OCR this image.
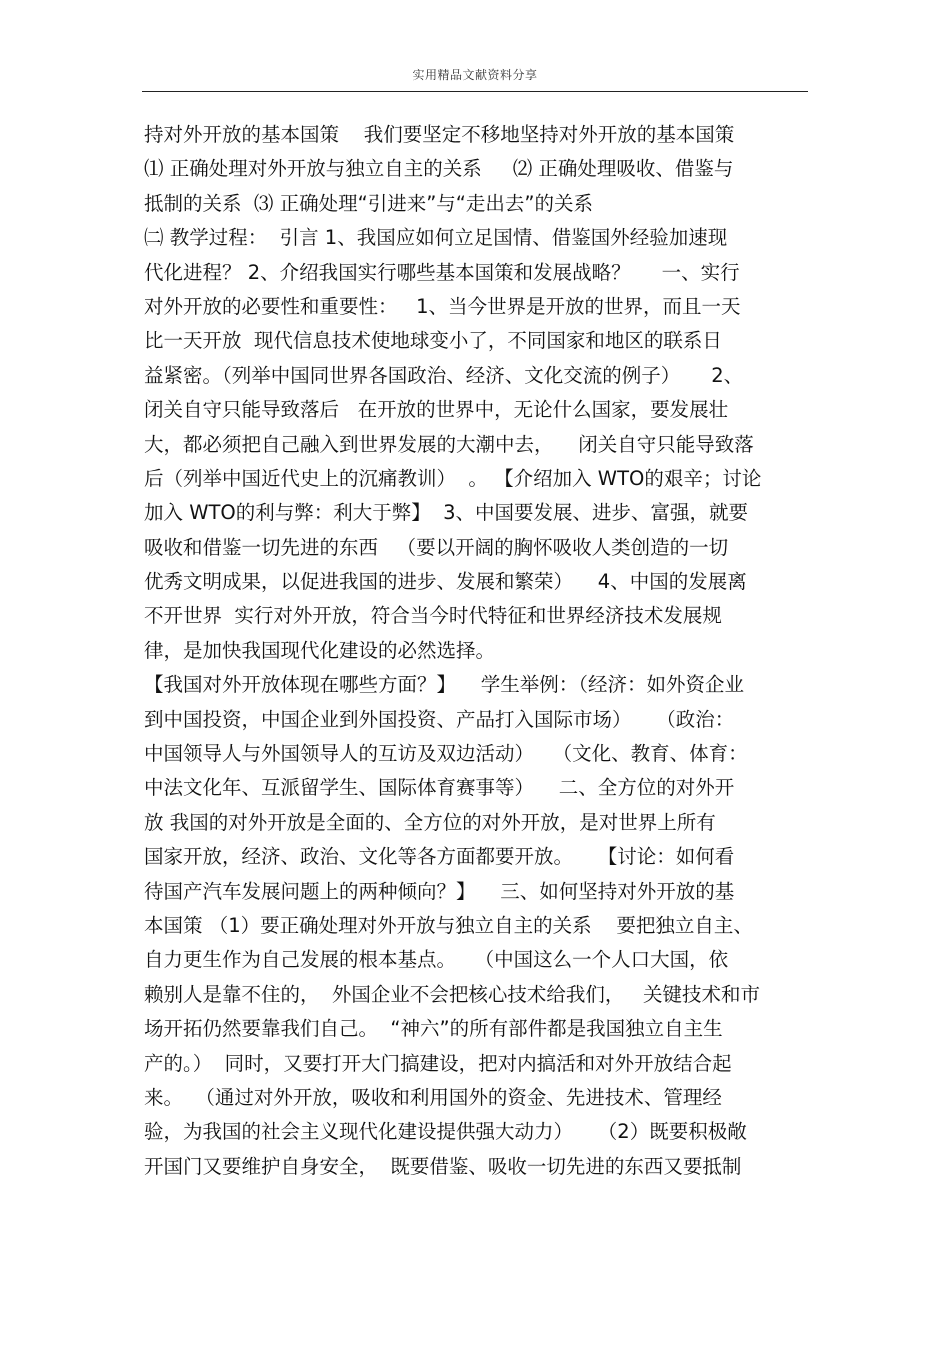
实用精品文献资料分享
持对外开放的基本国策    我们要坚定不移地坚持对外开放的基本国策
⑴ 正确处理对外开放与独立自主的关系     ⑵ 正确处理吸收、借鉴与
抵制的关系  ⑶ 正确处理“引进来”与“走出去”的关系
㈡ 教学过程：  引言 1、我国应如何立足国情、借鉴国外经验加速现
代化进程？ 2、介绍我国实行哪些基本国策和发展战略？     一、实行
对外开放的必要性和重要性：   1、当今世界是开放的世界，而且一天
比一天开放  现代信息技术使地球变小了，不同国家和地区的联系日
益紧密。（列举中国同世界各国政治、经济、文化交流的例子）     2、
闭关自守只能导致落后   在开放的世界中，无论什么国家，要发展壮
大，都必须把自己融入到世界发展的大潮中去，    闭关自守只能导致落
后（列举中国近代史上的沉痛教训）  。 【介绍加入 WTO的艰辛；讨论
加入 WTO的利与弊：利大于弊】  3、中国要发展、进步、富强，就要
吸收和借鉴一切先进的东西   （要以开阔的胸怀吸收人类创造的一切
优秀文明成果，以促进我国的进步、发展和繁荣）    4、中国的发展离
不开世界  实行对外开放，符合当今时代特征和世界经济技术发展规
律，是加快我国现代化建设的必然选择。
【我国对外开放体现在哪些方面？】    学生举例：（经济：如外资企业
到中国投资，中国企业到外国投资、产品打入国际市场）    （政治：
中国领导人与外国领导人的互访及双边活动）   （文化、教育、体育：
中法文化年、互派留学生、国际体育赛事等）    二、全方位的对外开
放 我国的对外开放是全面的、全方位的对外开放，是对世界上所有
国家开放，经济、政治、文化等各方面都要开放。    【讨论：如何看
待国产汽车发展问题上的两种倾向？】    三、如何坚持对外开放的基
本国策 （1）要正确处理对外开放与独立自主的关系    要把独立自主、
自力更生作为自己发展的根本基点。   （中国这么一个人口大国，依
赖别人是靠不住的，  外国企业不会把核心技术给我们，   关键技术和市
场开拓仍然要靠我们自己。  “神六”的所有部件都是我国独立自主生
产的。）  同时，又要打开大门搞建设，把对内搞活和对外开放结合起
来。  （通过对外开放，吸收和利用国外的资金、先进技术、管理经
验，为我国的社会主义现代化建设提供强大动力）    （2）既要积极敞
开国门又要维护自身安全，  既要借鉴、吸收一切先进的东西又要抵制
